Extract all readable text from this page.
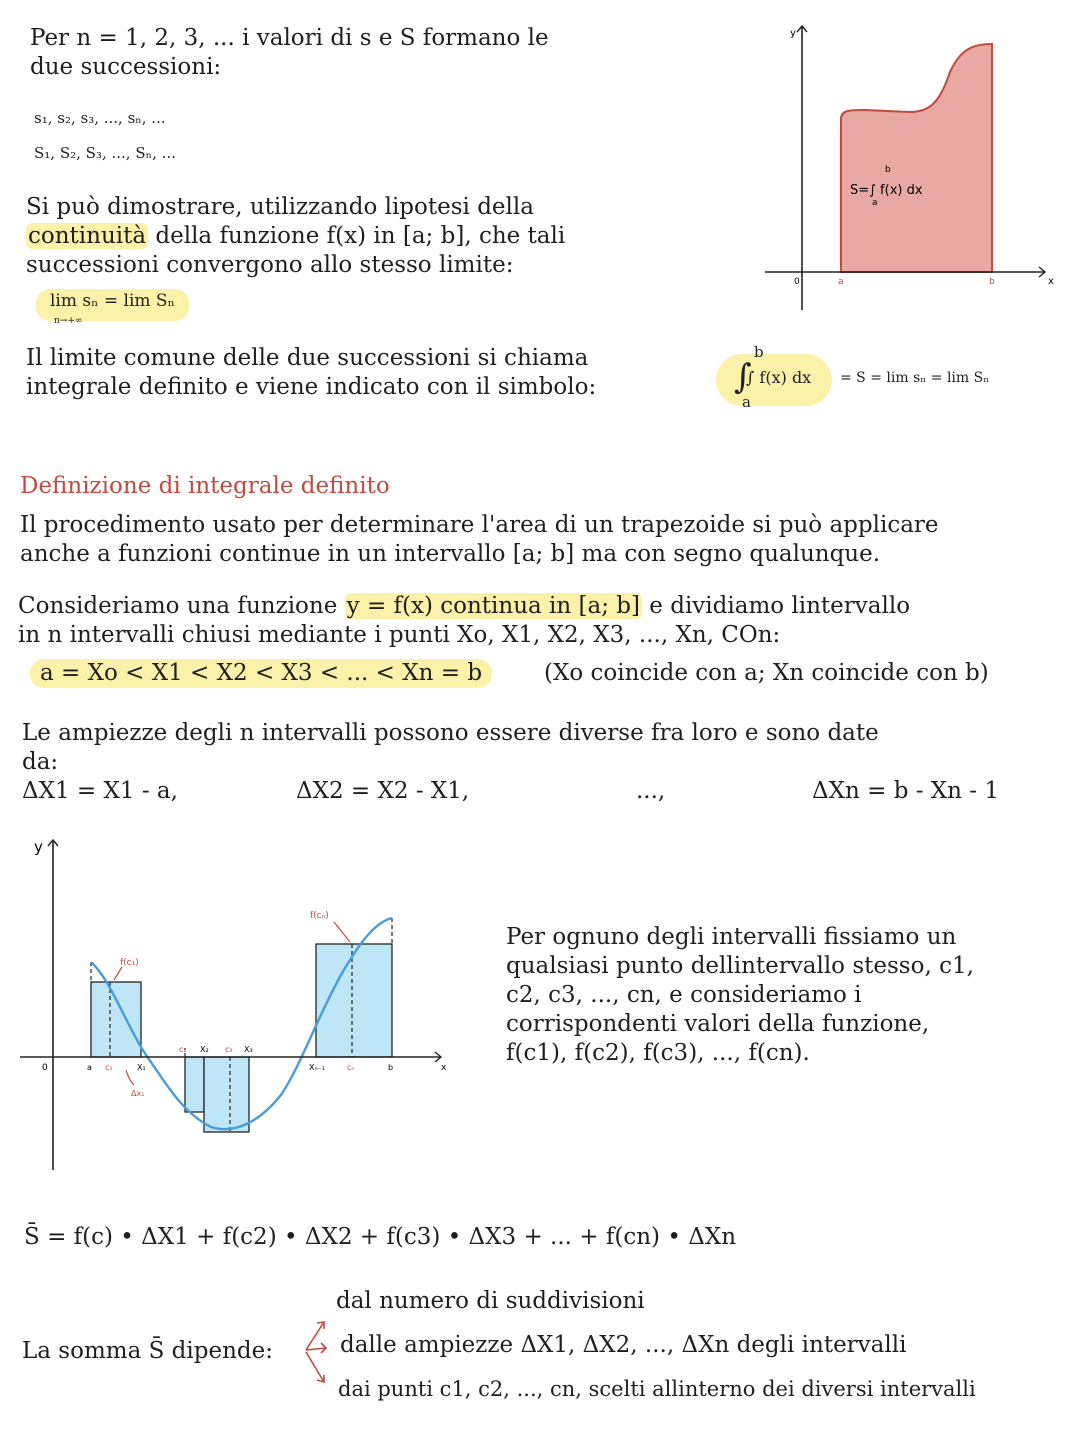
Per n = 1, 2, 3, ... i valori di s e S formano le
due successioni:
s₁, s₂, s₃, ..., sₙ, ...
S₁, S₂, S₃, ..., Sₙ, ...
Si può dimostrare, utilizzando lipotesi della
continuità della funzione f(x) in [a; b], che tali
successioni convergono allo stesso limite:
lim sₙ = lim Sₙ
n→+∞
Il limite comune delle due successioni si chiama
integrale definito e viene indicato con il simbolo:	∫
b
a
∫ f(x) dx = S = lim sₙ = lim Sₙ
y
x
0	a	b
S=∫ f(x) dx
b
a
Definizione di integrale definito
Il procedimento usato per determinare l'area di un trapezoide si può applicare
anche a funzioni continue in un intervallo [a; b] ma con segno qualunque.
Consideriamo una funzione y = f(x) continua in [a; b] e dividiamo lintervallo
in n intervalli chiusi mediante i punti Xo, X1, X2, X3, ..., Xn, COn:
a = Xo < X1 < X2 < X3 < ... < Xn = b	(Xo coincide con a; Xn coincide con b)
Le ampiezze degli n intervalli possono essere diverse fra loro e sono date
da:
ΔX1 = X1 - a,	ΔX2 = X2 - X1,	...,	ΔXn = b - Xn - 1
y
x
0	a c₁	X₁
c₂ X₂ c₃ X₃
Xₙ₋₁	cₙ	b
f(c₁)
f(cₙ)
Δx₁
Per ognuno degli intervalli fissiamo un
qualsiasi punto dellintervallo stesso, c1,
c2, c3, ..., cn, e consideriamo i
corrispondenti valori della funzione,
f(c1), f(c2), f(c3), ..., f(cn).
S̄ = f(c) • ΔX1 + f(c2) • ΔX2 + f(c3) • ΔX3 + ... + f(cn) • ΔXn
La somma S̄ dipende:
dal numero di suddivisioni
dalle ampiezze ΔX1, ΔX2, ..., ΔXn degli intervalli
dai punti c1, c2, ..., cn, scelti allinterno dei diversi intervalli
